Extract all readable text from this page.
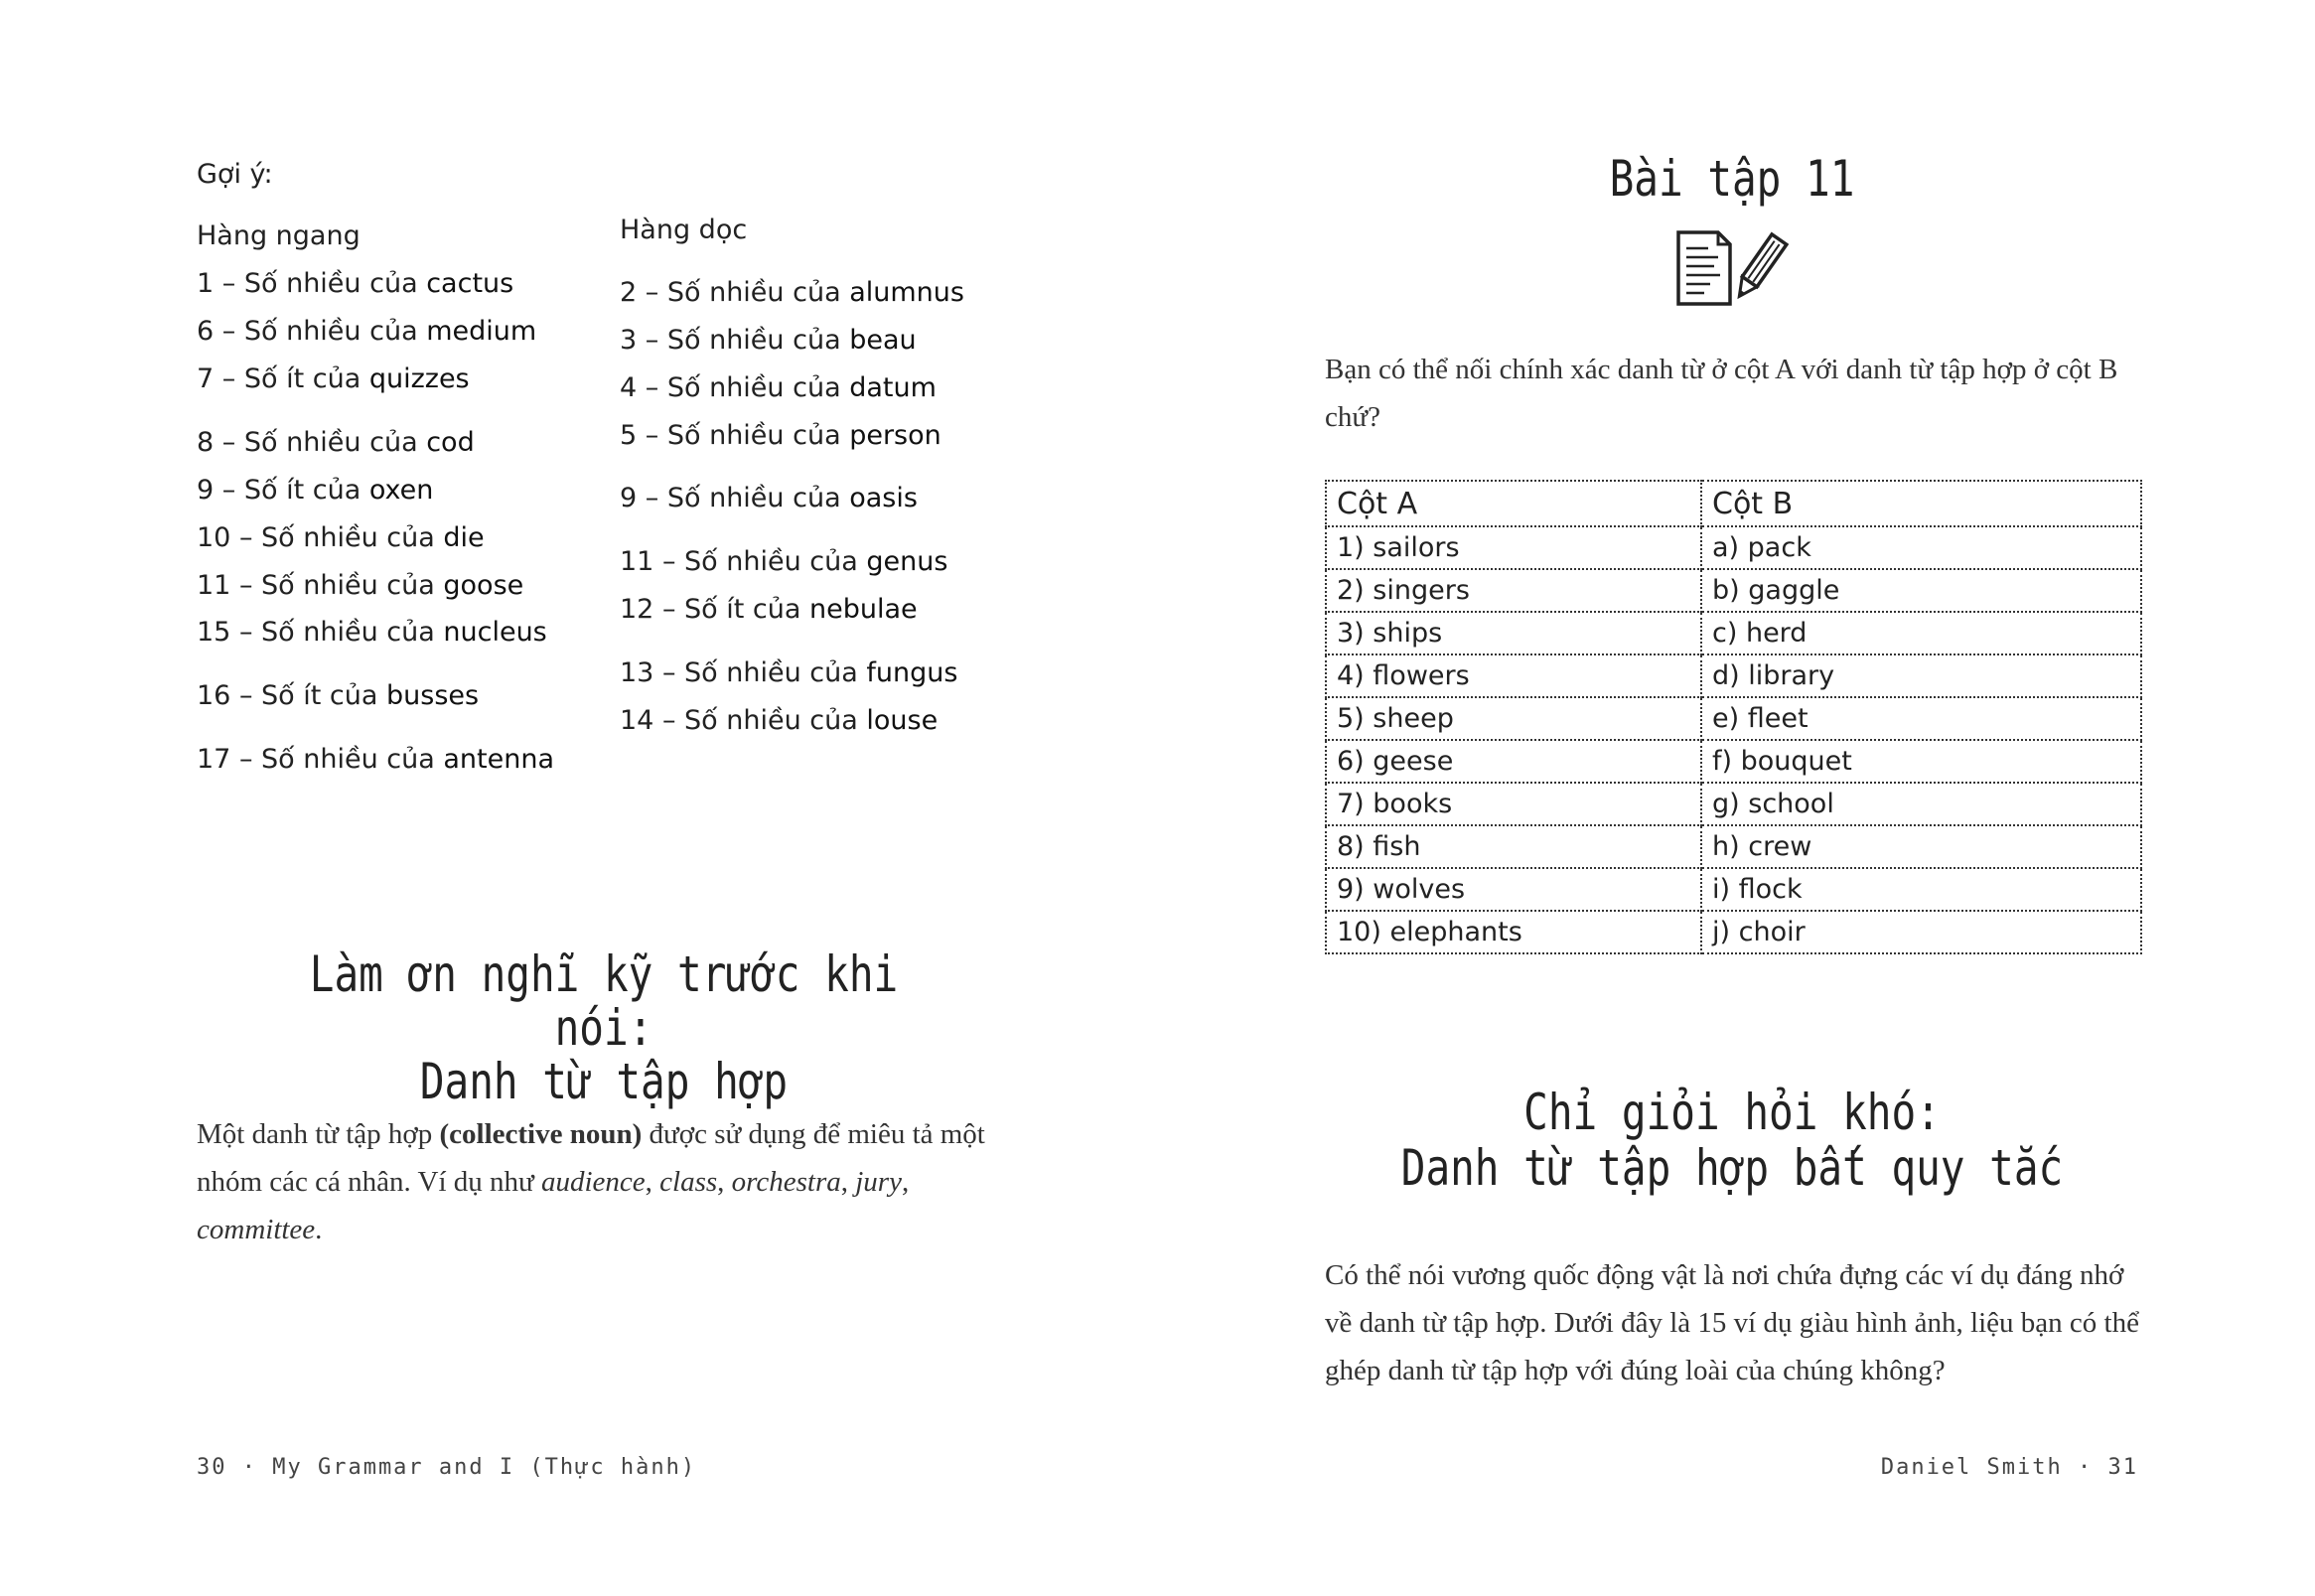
Gợi ý:
Hàng ngang
1 – Số nhiều của cactus
6 – Số nhiều của medium
7 – Số ít của quizzes
8 – Số nhiều của cod
9 – Số ít của oxen
10 – Số nhiều của die
11 – Số nhiều của goose
15 – Số nhiều của nucleus
16 – Số ít của busses
17 – Số nhiều của antenna
Hàng dọc
2 – Số nhiều của alumnus
3 – Số nhiều của beau
4 – Số nhiều của datum
5 – Số nhiều của person
9 – Số nhiều của oasis
11 – Số nhiều của genus
12 – Số ít của nebulae
13 – Số nhiều của fungus
14 – Số nhiều của louse
Làm ơn nghĩ kỹ trước khi nói:
Danh từ tập hợp
Một danh từ tập hợp (collective noun) được sử dụng để miêu tả một nhóm các cá nhân. Ví dụ như audience, class, orchestra, jury, committee.
30 · My Grammar and I (Thực hành)
Bài tập 11
Bạn có thể nối chính xác danh từ ở cột A với danh từ tập hợp ở cột B chứ?
Cột A	Cột B
1) sailors	a) pack
2) singers	b) gaggle
3) ships	c) herd
4) flowers	d) library
5) sheep	e) fleet
6) geese	f) bouquet
7) books	g) school
8) fish	h) crew
9) wolves	i) flock
10) elephants	j) choir
Chỉ giỏi hỏi khó:
Danh từ tập hợp bất quy tắc
Có thể nói vương quốc động vật là nơi chứa đựng các ví dụ đáng nhớ về danh từ tập hợp. Dưới đây là 15 ví dụ giàu hình ảnh, liệu bạn có thể ghép danh từ tập hợp với đúng loài của chúng không?
Daniel Smith · 31
